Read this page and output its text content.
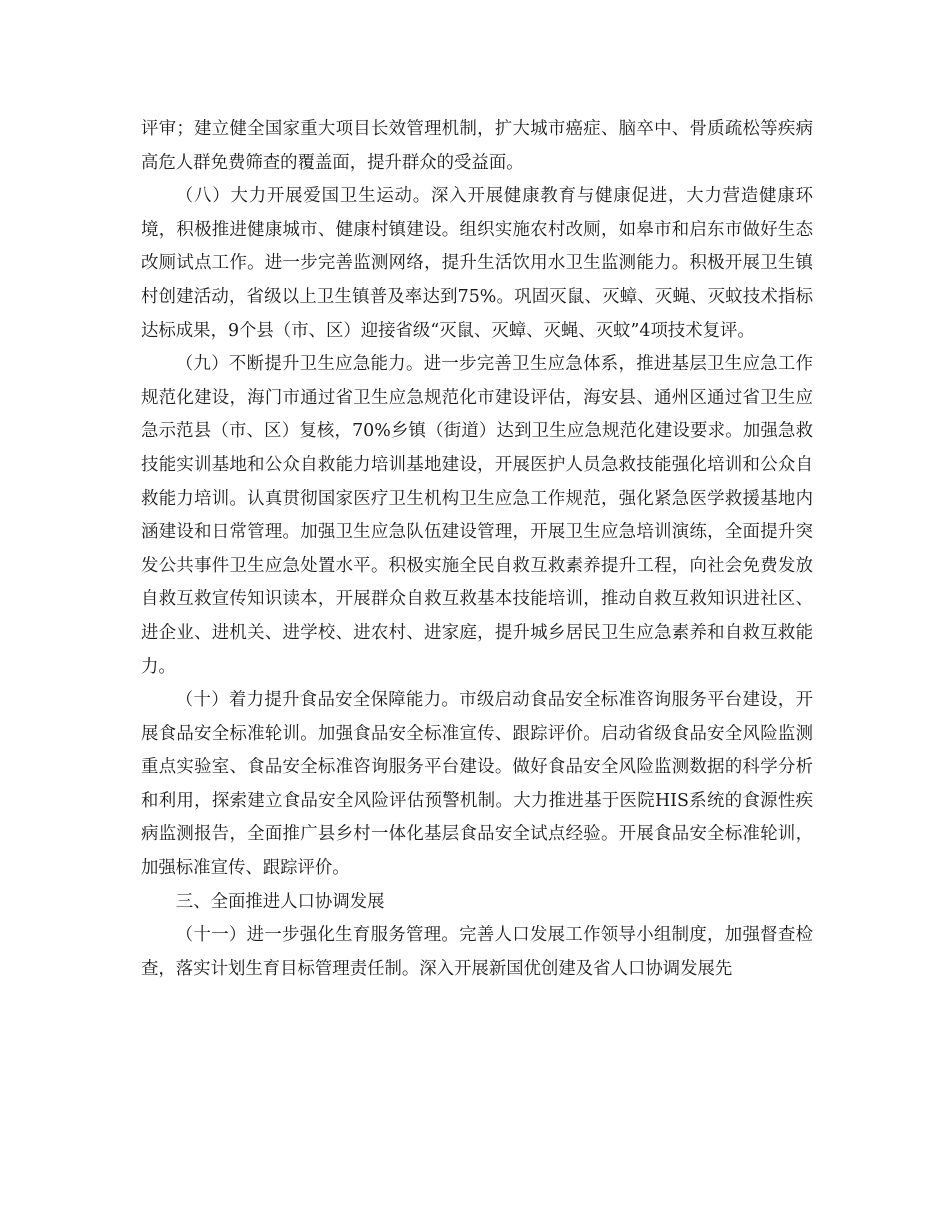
评审；建立健全国家重大项目长效管理机制，扩大城市癌症、脑卒中、骨质疏松等疾病高危人群免费筛查的覆盖面，提升群众的受益面。

（八）大力开展爱国卫生运动。深入开展健康教育与健康促进，大力营造健康环境，积极推进健康城市、健康村镇建设。组织实施农村改厕，如皋市和启东市做好生态改厕试点工作。进一步完善监测网络，提升生活饮用水卫生监测能力。积极开展卫生镇村创建活动，省级以上卫生镇普及率达到75%。巩固灭鼠、灭蟑、灭蝇、灭蚊技术指标达标成果，9个县（市、区）迎接省级“灭鼠、灭蟑、灭蝇、灭蚊”4项技术复评。

（九）不断提升卫生应急能力。进一步完善卫生应急体系，推进基层卫生应急工作规范化建设，海门市通过省卫生应急规范化市建设评估，海安县、通州区通过省卫生应急示范县（市、区）复核，70%乡镇（街道）达到卫生应急规范化建设要求。加强急救技能实训基地和公众自救能力培训基地建设，开展医护人员急救技能强化培训和公众自救能力培训。认真贯彻国家医疗卫生机构卫生应急工作规范，强化紧急医学救援基地内涵建设和日常管理。加强卫生应急队伍建设管理，开展卫生应急培训演练，全面提升突发公共事件卫生应急处置水平。积极实施全民自救互救素养提升工程，向社会免费发放自救互救宣传知识读本，开展群众自救互救基本技能培训，推动自救互救知识进社区、进企业、进机关、进学校、进农村、进家庭，提升城乡居民卫生应急素养和自救互救能力。

（十）着力提升食品安全保障能力。市级启动食品安全标准咨询服务平台建设，开展食品安全标准轮训。加强食品安全标准宣传、跟踪评价。启动省级食品安全风险监测重点实验室、食品安全标准咨询服务平台建设。做好食品安全风险监测数据的科学分析和利用，探索建立食品安全风险评估预警机制。大力推进基于医院HIS系统的食源性疾病监测报告，全面推广县乡村一体化基层食品安全试点经验。开展食品安全标准轮训，加强标准宣传、跟踪评价。

三、全面推进人口协调发展

（十一）进一步强化生育服务管理。完善人口发展工作领导小组制度，加强督查检查，落实计划生育目标管理责任制。深入开展新国优创建及省人口协调发展先
